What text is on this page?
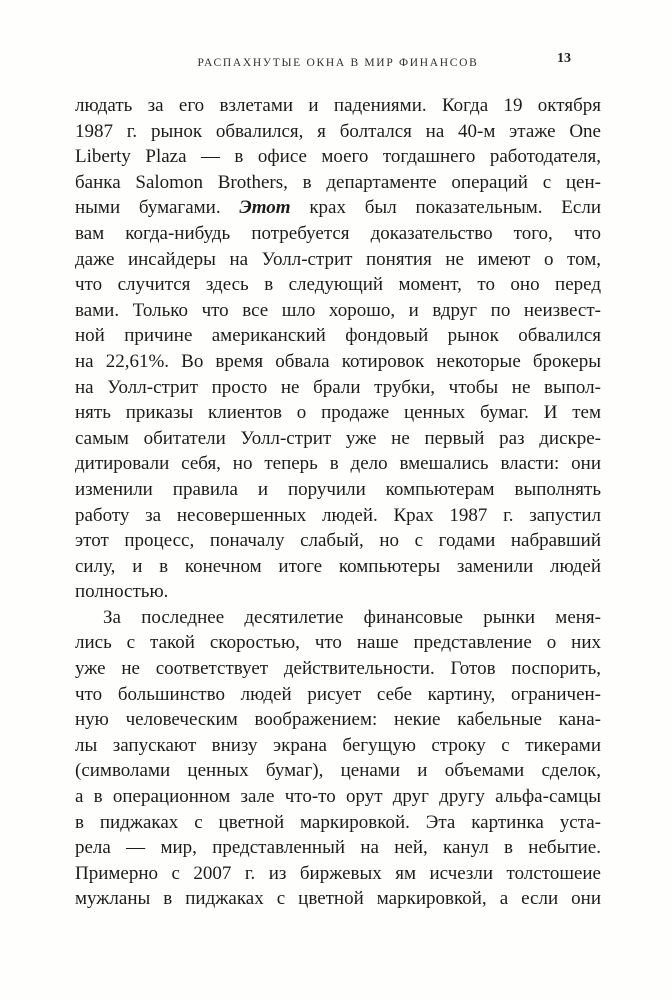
РАСПАХНУТЫЕ ОКНА В МИР ФИНАНСОВ	13
людать за его взлетами и падениями. Когда 19 октября
1987 г. рынок обвалился, я болтался на 40-м этаже One
Liberty Plaza — в офисе моего тогдашнего работодателя,
банка Salomon Brothers, в департаменте операций с цен-
ными бумагами. Этот крах был показательным. Если
вам когда-нибудь потребуется доказательство того, что
даже инсайдеры на Уолл-стрит понятия не имеют о том,
что случится здесь в следующий момент, то оно перед
вами. Только что все шло хорошо, и вдруг по неизвест-
ной причине американский фондовый рынок обвалился
на 22,61%. Во время обвала котировок некоторые брокеры
на Уолл-стрит просто не брали трубки, чтобы не выпол-
нять приказы клиентов о продаже ценных бумаг. И тем
самым обитатели Уолл-стрит уже не первый раз дискре-
дитировали себя, но теперь в дело вмешались власти: они
изменили правила и поручили компьютерам выполнять
работу за несовершенных людей. Крах 1987 г. запустил
этот процесс, поначалу слабый, но с годами набравший
силу, и в конечном итоге компьютеры заменили людей
полностью.
За последнее десятилетие финансовые рынки меня-
лись с такой скоростью, что наше представление о них
уже не соответствует действительности. Готов поспорить,
что большинство людей рисует себе картину, ограничен-
ную человеческим воображением: некие кабельные кана-
лы запускают внизу экрана бегущую строку с тикерами
(символами ценных бумаг), ценами и объемами сделок,
а в операционном зале что-то орут друг другу альфа-самцы
в пиджаках с цветной маркировкой. Эта картинка уста-
рела — мир, представленный на ней, канул в небытие.
Примерно с 2007 г. из биржевых ям исчезли толстошеие
мужланы в пиджаках с цветной маркировкой, а если они
